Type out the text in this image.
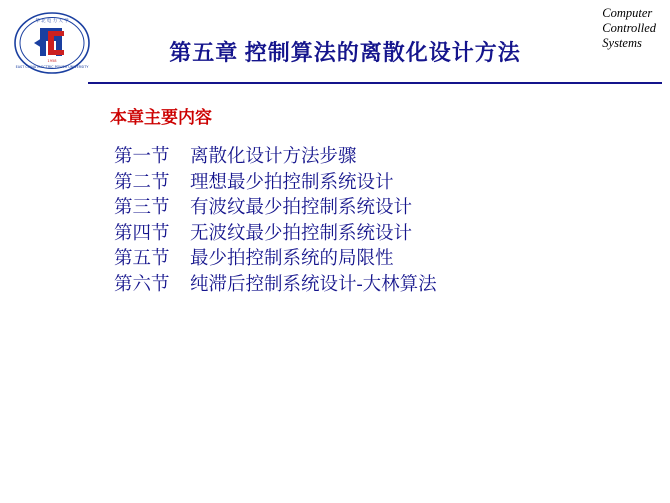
华 北 电 力 大 学
EAST CHINA ELECTRIC POWER UNIVERSITY
1958
Computer
Controlled
Systems
第五章 控制算法的离散化设计方法
本章主要内容
第一节 离散化设计方法步骤
第二节 理想最少拍控制系统设计
第三节 有波纹最少拍控制系统设计
第四节 无波纹最少拍控制系统设计
第五节 最少拍控制系统的局限性
第六节 纯滞后控制系统设计-大林算法
